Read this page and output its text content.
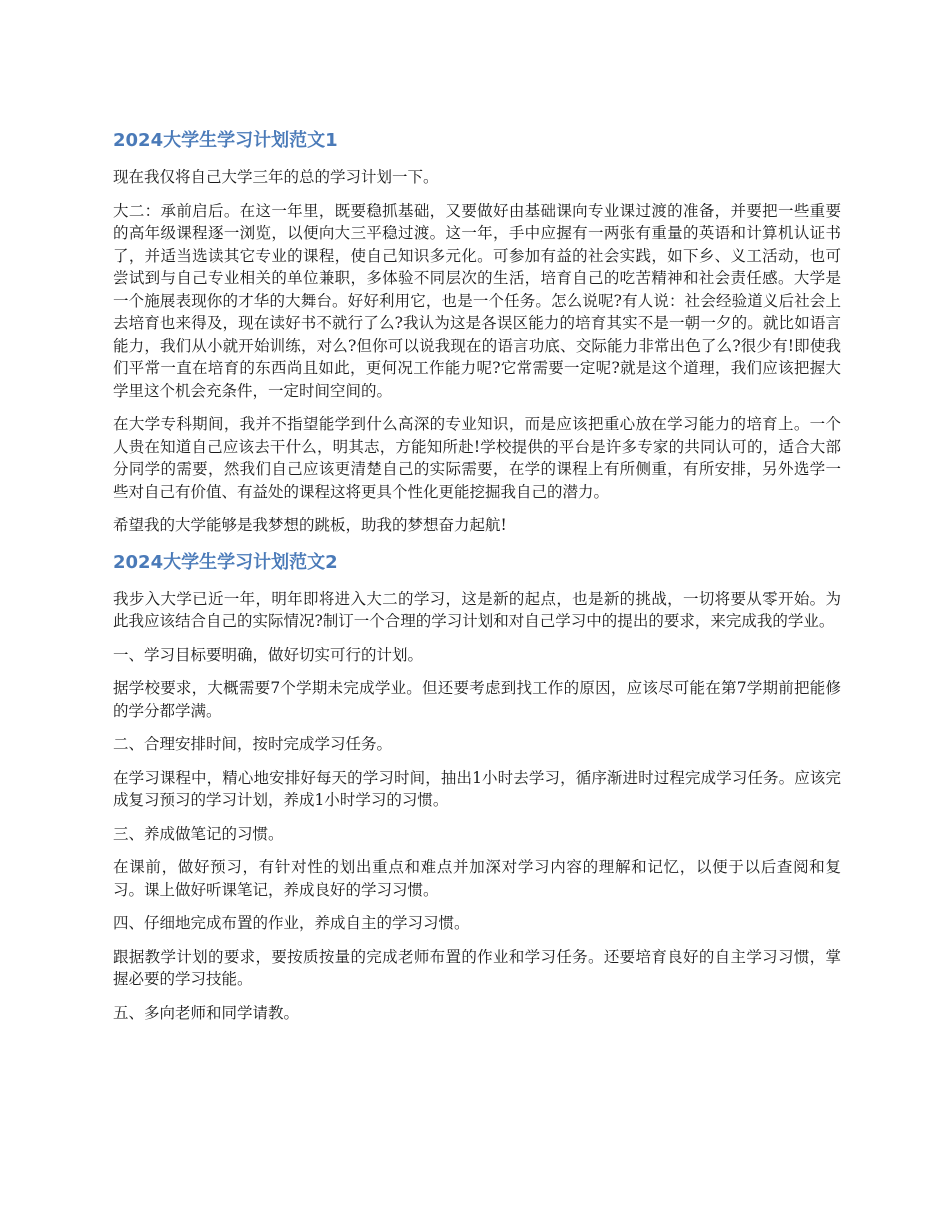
2024大学生学习计划范文1

现在我仅将自己大学三年的总的学习计划一下。

大二：承前启后。在这一年里，既要稳抓基础，又要做好由基础课向专业课过渡的准备，并要把一些重要的高年级课程逐一浏览，以便向大三平稳过渡。这一年，手中应握有一两张有重量的英语和计算机认证书了，并适当选读其它专业的课程，使自己知识多元化。可参加有益的社会实践，如下乡、义工活动，也可尝试到与自己专业相关的单位兼职，多体验不同层次的生活，培育自己的吃苦精神和社会责任感。大学是一个施展表现你的才华的大舞台。好好利用它，也是一个任务。怎么说呢?有人说：社会经验道义后社会上去培育也来得及，现在读好书不就行了么?我认为这是各误区能力的培育其实不是一朝一夕的。就比如语言能力，我们从小就开始训练，对么?但你可以说我现在的语言功底、交际能力非常出色了么?很少有!即使我们平常一直在培育的东西尚且如此，更何况工作能力呢?它常需要一定呢?就是这个道理，我们应该把握大学里这个机会充条件，一定时间空间的。

在大学专科期间，我并不指望能学到什么高深的专业知识，而是应该把重心放在学习能力的培育上。一个人贵在知道自己应该去干什么，明其志，方能知所赴!学校提供的平台是许多专家的共同认可的，适合大部分同学的需要，然我们自己应该更清楚自己的实际需要，在学的课程上有所侧重，有所安排，另外选学一些对自己有价值、有益处的课程这将更具个性化更能挖掘我自己的潜力。

希望我的大学能够是我梦想的跳板，助我的梦想奋力起航!

2024大学生学习计划范文2

我步入大学已近一年，明年即将进入大二的学习，这是新的起点，也是新的挑战，一切将要从零开始。为此我应该结合自己的实际情况?制订一个合理的学习计划和对自己学习中的提出的要求，来完成我的学业。

一、学习目标要明确，做好切实可行的计划。

据学校要求，大概需要7个学期未完成学业。但还要考虑到找工作的原因，应该尽可能在第7学期前把能修的学分都学满。

二、合理安排时间，按时完成学习任务。

在学习课程中，精心地安排好每天的学习时间，抽出1小时去学习，循序渐进时过程完成学习任务。应该完成复习预习的学习计划，养成1小时学习的习惯。

三、养成做笔记的习惯。

在课前，做好预习，有针对性的划出重点和难点并加深对学习内容的理解和记忆，以便于以后查阅和复习。课上做好听课笔记，养成良好的学习习惯。

四、仔细地完成布置的作业，养成自主的学习习惯。

跟据教学计划的要求，要按质按量的完成老师布置的作业和学习任务。还要培育良好的自主学习习惯，掌握必要的学习技能。

五、多向老师和同学请教。
